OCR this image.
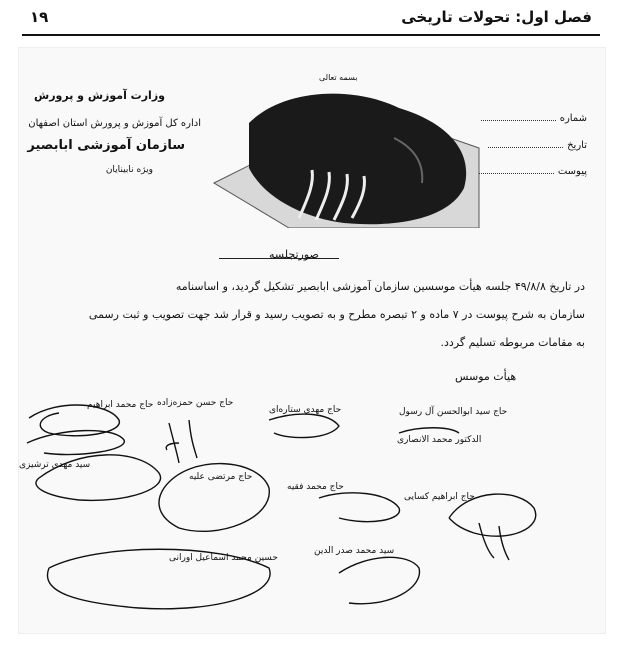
فصل اول: تحولات تاریخی
۱۹
وزارت آموزش و پرورش
اداره کل آموزش و پرورش استان اصفهان
سازمان آموزشی ابابصیر
ویژه نابینایان
بسمه تعالی
شماره
تاریخ
پیوست
صورتجلسه
در تاریخ ۴۹/۸/۸ جلسه هیأت موسسین سازمان آموزشی ابابصیر تشکیل گردید، و اساسنامه
سازمان به شرح پیوست در ۷ ماده و ۲ تبصره مطرح و به تصویب رسید و قرار شد جهت تصویب و ثبت رسمی
به مقامات مربوطه تسلیم گردد.
هیأت موسس
حاج محمد ابراهیم حاج حسن حمزه‌زاده
حاج مهدی ستاره‌ای	حاج سید ابوالحسن آل رسول
الدکتور محمد الانصاری
حاج مرتضی علیه
حاج محمد فقیه
حاج ابراهیم کسایی
سید محمد صدر الدین
حسین محمد اسماعیل اورانی
سید مهدی ترشیزی
